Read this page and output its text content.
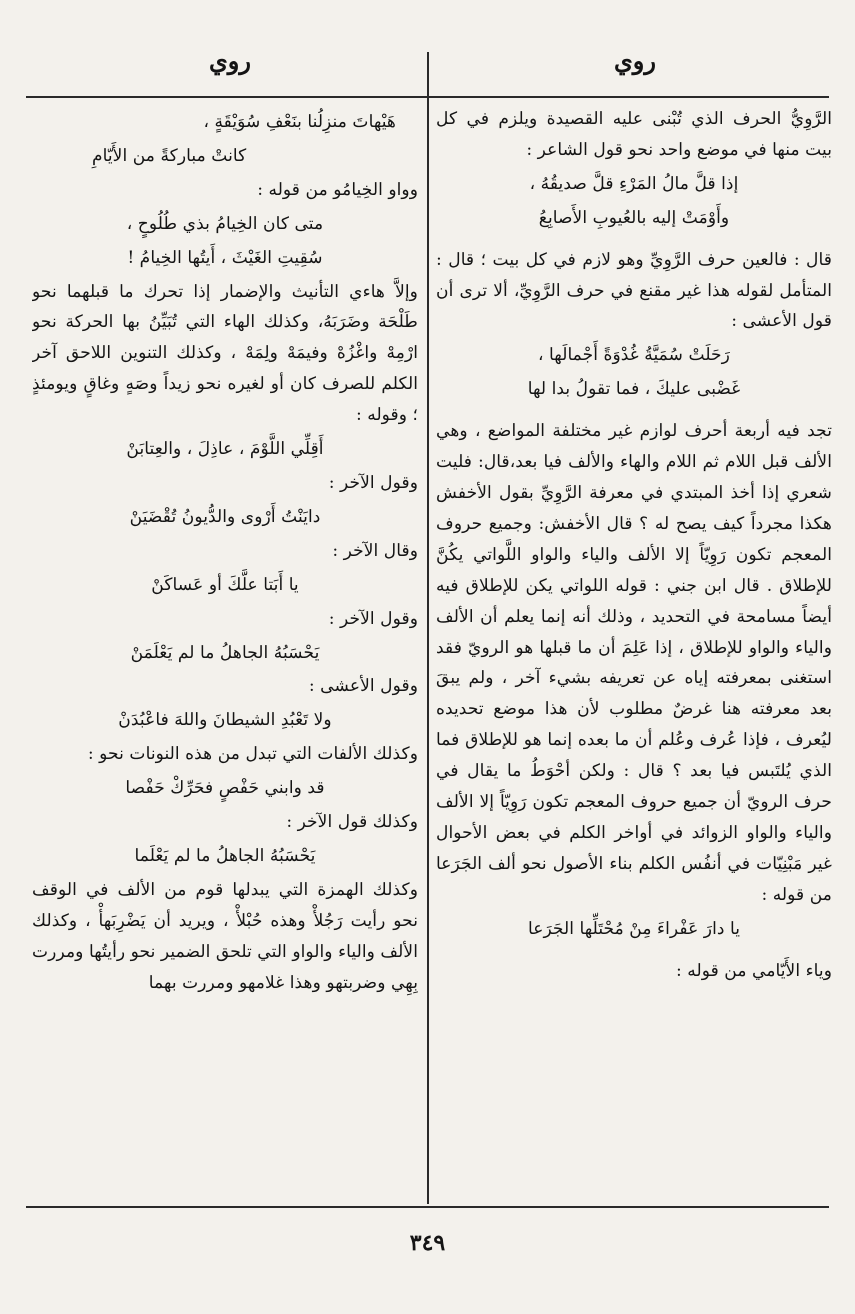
روي
روي

الرَّوِيُّ الحرف الذي تُبْنى عليه القصيدة ويلزم في كل بيت منها في موضع واحد نحو قول الشاعر :

إذا قلَّ مالُ المَرْءِ قلَّ صديقُهُ ،
وأَوْمَتْ إليه بالعُيوبِ الأَصابِعُ

قال : فالعين حرف الرَّوِيِّ وهو لازم في كل بيت ؛ قال : المتأمل لقوله هذا غير مقنع في حرف الرَّوِيِّ، ألا ترى أن قول الأعشى :

رَحَلَتْ سُمَيَّةُ غُدْوَةً أَجْمالَها ،
غَضْبى عليكَ ، فما تقولُ بدا لها

تجد فيه أربعة أحرف لوازم غير مختلفة المواضع ، وهي الألف قبل اللام ثم اللام والهاء والألف فيا بعد،قال: فليت شعري إذا أخذ المبتدي في معرفة الرَّوِيِّ بقول الأخفش هكذا مجرداً كيف يصح له ؟ قال الأخفش: وجميع حروف المعجم تكون رَوِيّاً إلا الألف والياء والواو اللَّواتي يكُنَّ للإطلاق . قال ابن جني : قوله اللواتي يكن للإطلاق فيه أيضاً مسامحة في التحديد ، وذلك أنه إنما يعلم أن الألف والياء والواو للإطلاق ، إذا عَلِمَ أن ما قبلها هو الرويّ فقد استغنى بمعرفته إياه عن تعريفه بشيء آخر ، ولم يبقَ بعد معرفته هنا غرضٌ مطلوب لأن هذا موضع تحديده ليُعرف ، فإذا عُرف وعُلم أن ما بعده إنما هو للإطلاق فما الذي يُلتَبس فيا بعد ؟ قال : ولكن أحْوَطُ ما يقال في حرف الرويّ أن جميع حروف المعجم تكون رَوِيّاً إلا الألف والياء والواو الزوائد في أواخر الكلم في بعض الأحوال غير مَبْنِيّات في أنفُس الكلم بناء الأصول نحو ألف الجَرَعا من قوله :

يا دارَ عَفْراءَ مِنْ مُحْتَلِّها الجَرَعا

وياء الأَيّامي من قوله :

هَيْهاتَ منزِلُنا بنَعْفِ سُوَيْقَةٍ ،
كانتْ مباركةً من الأَيّامِ

وواو الخِيامُو من قوله :

متى كان الخِيامُ بذي طُلُوحٍ ،
سُقِيتِ الغَيْثَ ، أَيتُها الخِيامُ !

وإلاَّ هاءي التأنيث والإضمار إذا تحرك ما قبلهما نحو طَلْحَة وضَرَبَهُ، وكذلك الهاء التي تُبَيِّنُ بها الحركة نحو ارْمِهْ واغْزُهْ وفيمَهْ ولِمَهْ ، وكذلك التنوين اللاحق آخر الكلم للصرف كان أو لغيره نحو زيداً وصَهٍ وغاقٍ ويومئذٍ ؛ وقوله :

أَقِلِّي اللَّوْمَ ، عاذِلَ ، والعِتابَنْ

وقول الآخر :

دايَنْتُ أَرْوى والدُّيونُ تُقْضَيَنْ

وقال الآخر :

يا أَبَتا علَّكَ أو عَساكَنْ

وقول الآخر :

يَحْسَبُهُ الجاهلُ ما لم يَعْلَمَنْ

وقول الأعشى :

ولا تَعْبُدِ الشيطانَ واللهَ فاعْبُدَنْ

وكذلك الألفات التي تبدل من هذه النونات نحو :

قد وابني حَفْصٍ فحَرِّكْ حَفْصا

وكذلك قول الآخر :

يَحْسَبُهُ الجاهلُ ما لم يَعْلَما

وكذلك الهمزة التي يبدلها قوم من الألف في الوقف نحو رأيت رَجُلأْ وهذه حُبْلأْ ، ويريد أن يَضْرِبَهأْ ، وكذلك الألف والياء والواو التي تلحق الضمير نحو رأيتُها ومررت بِهِي وضربتهو وهذا غلامهو ومررت بهما

٣٤٩
